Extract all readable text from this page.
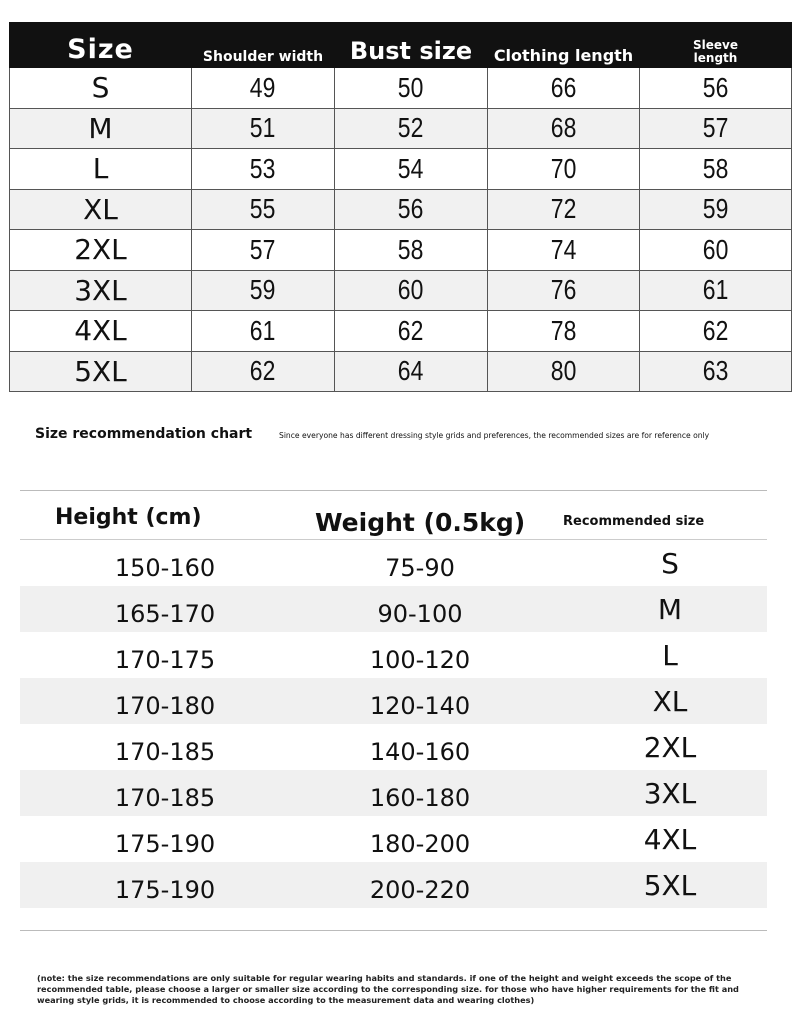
Size	Shoulder width	Bust size	Clothing length	Sleeve
length
S	49	50	66	56
M	51	52	68	57
L	53	54	70	58
XL	55	56	72	59
2XL	57	58	74	60
3XL	59	60	76	61
4XL	61	62	78	62
5XL	62	64	80	63
Size recommendation chart	Since everyone has different dressing style grids and preferences, the recommended sizes are for reference only
Height (cm)	Weight (0.5kg)	Recommended size
150-160	75-90	S
165-170	90-100	M
170-175	100-120	L
170-180	120-140	XL
170-185	140-160	2XL
170-185	160-180	3XL
175-190	180-200	4XL
175-190	200-220	5XL
(note: the size recommendations are only suitable for regular wearing habits and standards. if one of the height and weight exceeds the scope of the recommended table, please choose a larger or smaller size according to the corresponding size. for those who have higher requirements for the fit and wearing style grids, it is recommended to choose according to the measurement data and wearing clothes)
